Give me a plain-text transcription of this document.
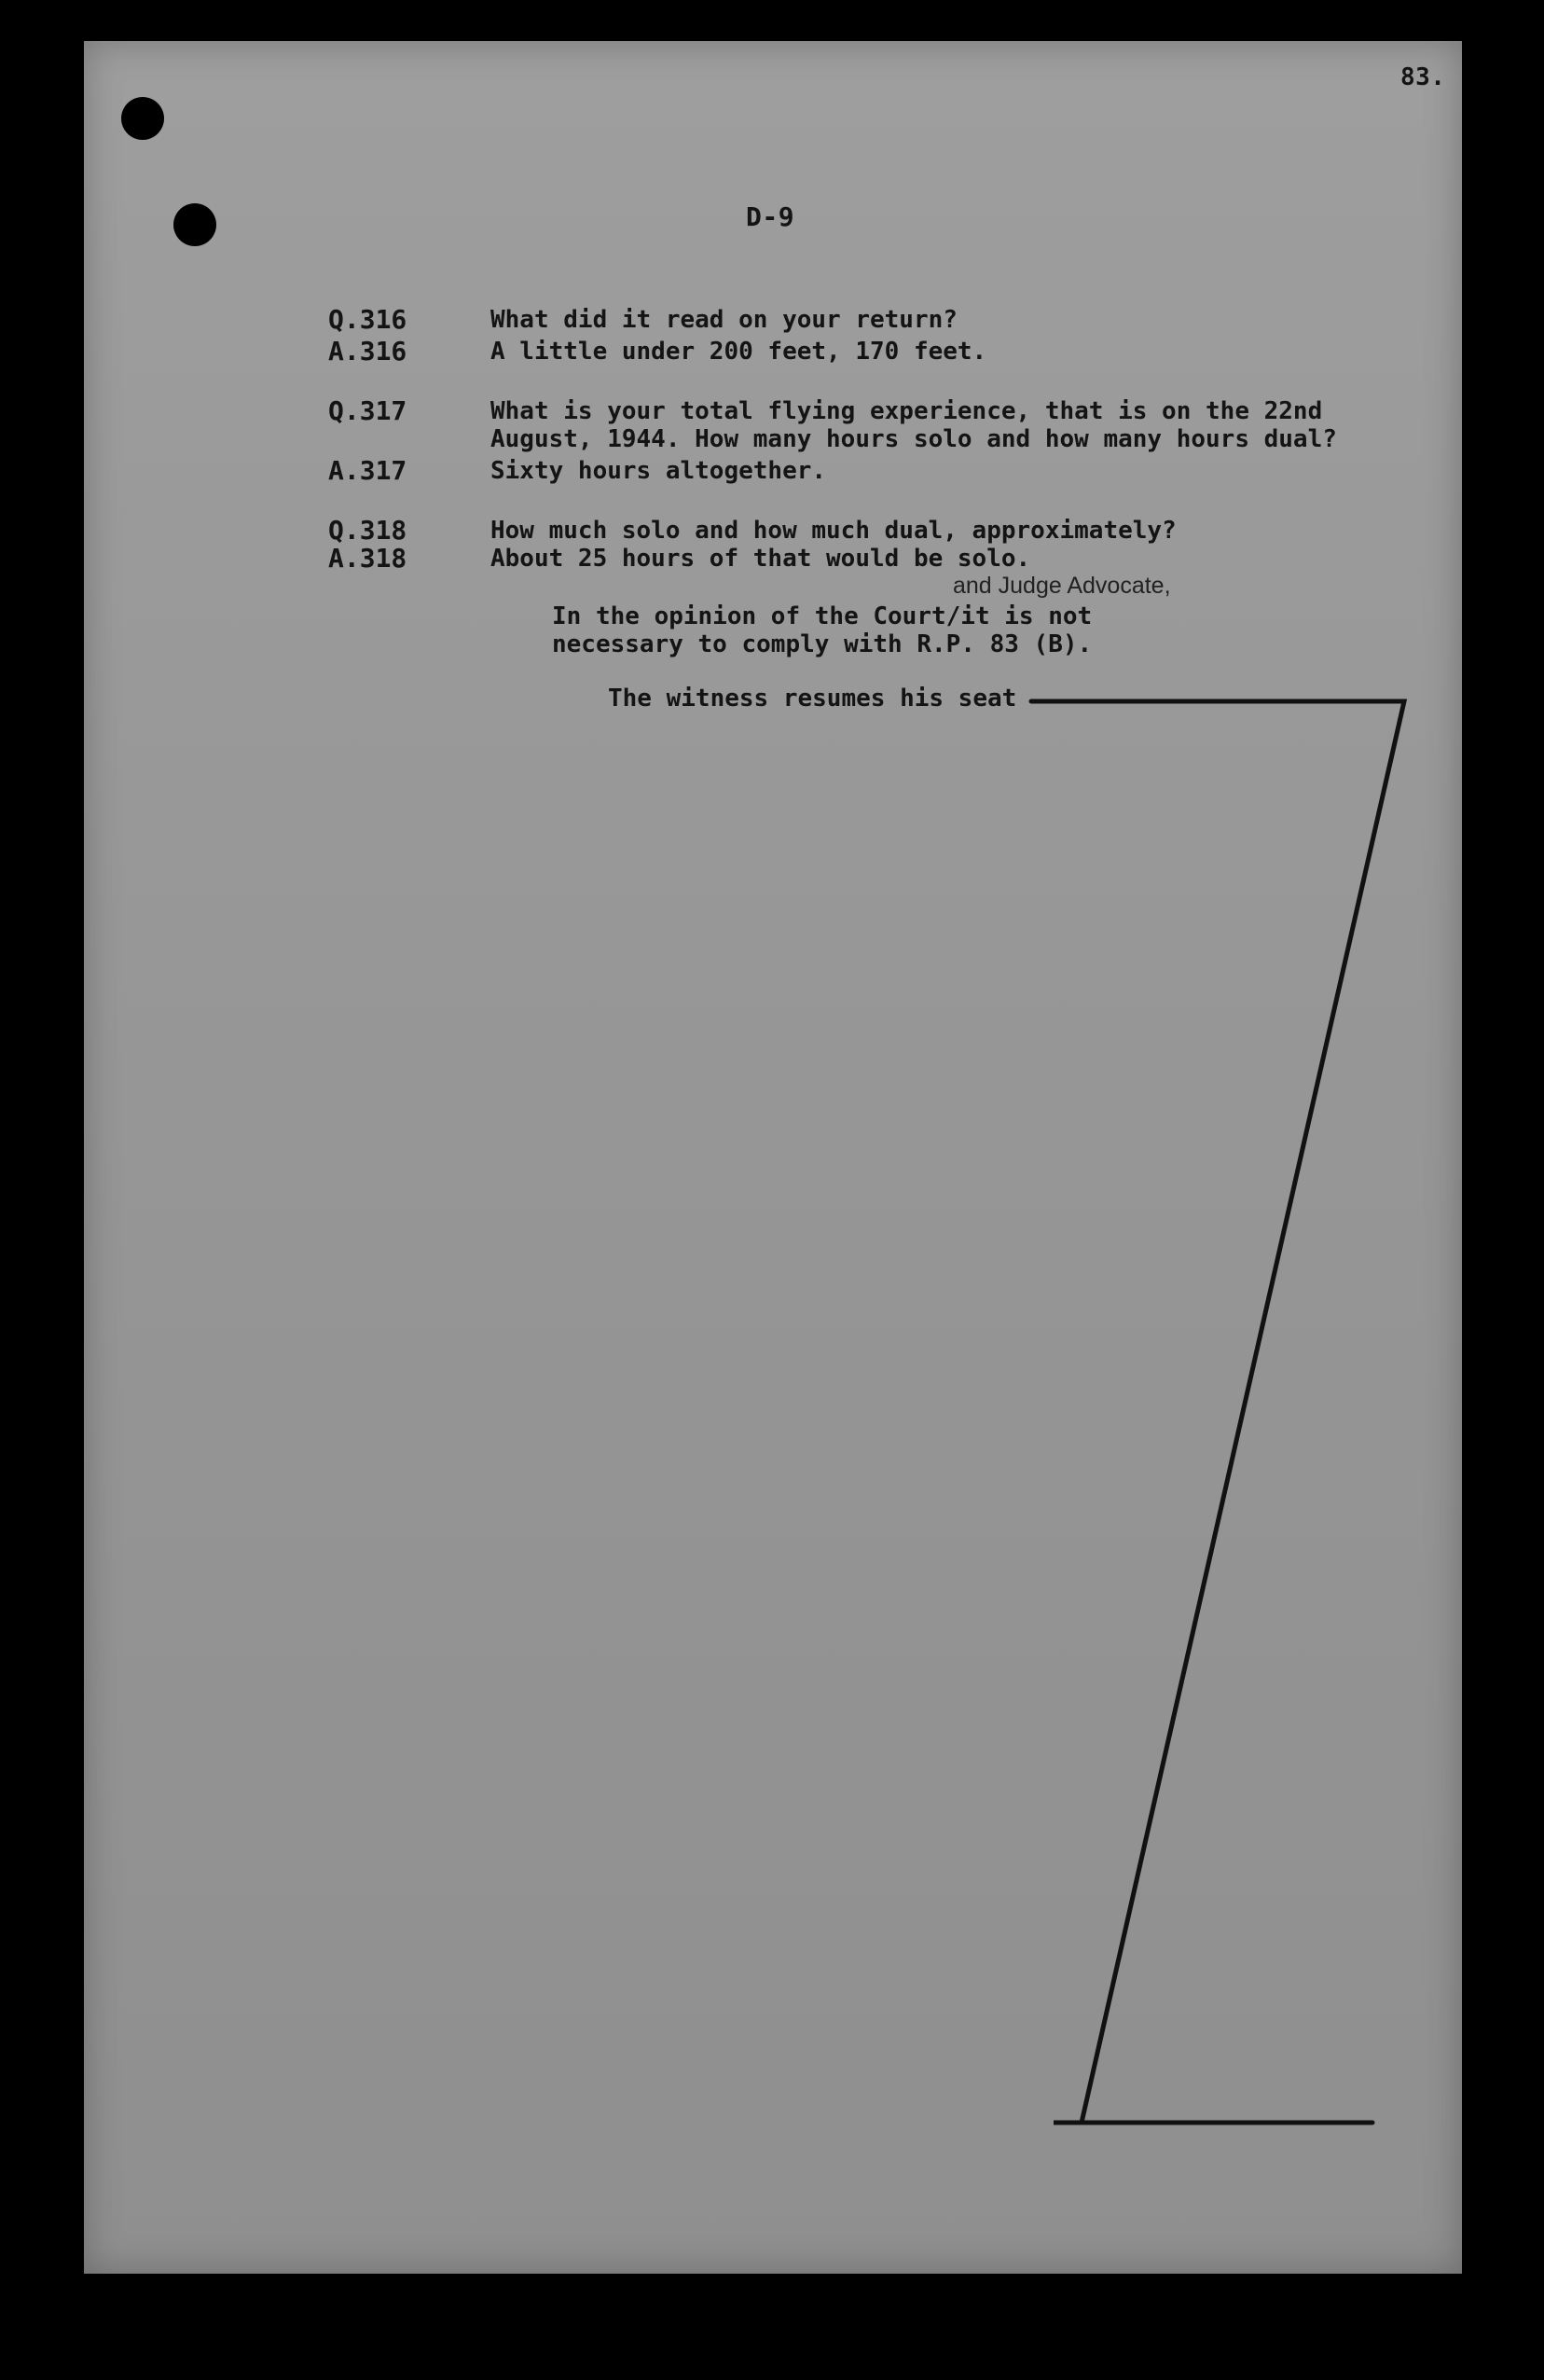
83.
D-9
Q.316	What did it read on your return?
A.316	A little under 200 feet, 170 feet.
Q.317	What is your total flying experience, that is on the 22nd
August, 1944. How many hours solo and how many hours dual?
A.317	Sixty hours altogether.
Q.318	How much solo and how much dual, approximately?
A.318	About 25 hours of that would be solo.
and Judge Advocate,
In the opinion of the Court/it is not
necessary to comply with R.P. 83 (B).
The witness resumes his seat
